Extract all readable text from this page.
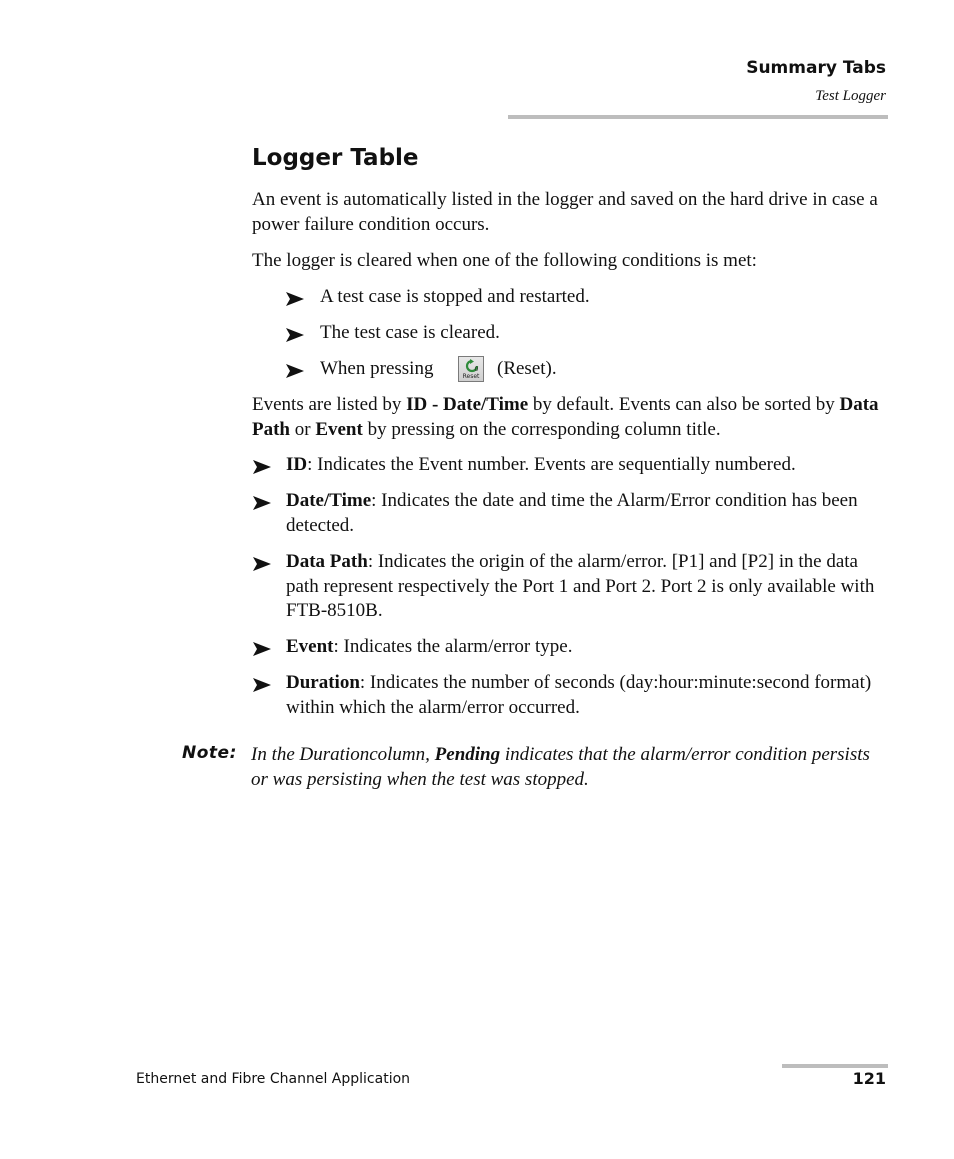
Summary Tabs
Test Logger
Logger Table
An event is automatically listed in the logger and saved on the hard drive in case a power failure condition occurs.
The logger is cleared when one of the following conditions is met:
A test case is stopped and restarted.
The test case is cleared.
When pressing	0
Reset (Reset).
Events are listed by ID - Date/Time by default. Events can also be sorted by Data Path or Event by pressing on the corresponding column title.
ID: Indicates the Event number. Events are sequentially numbered.
Date/Time: Indicates the date and time the Alarm/Error condition has been detected.
Data Path: Indicates the origin of the alarm/error. [P1] and [P2] in the data path represent respectively the Port 1 and Port 2. Port 2 is only available with FTB-8510B.
Event: Indicates the alarm/error type.
Duration: Indicates the number of seconds (day:hour:minute:second format) within which the alarm/error occurred.
Note: In the Durationcolumn, Pending indicates that the alarm/error condition persists or was persisting when the test was stopped.
Ethernet and Fibre Channel Application	121
